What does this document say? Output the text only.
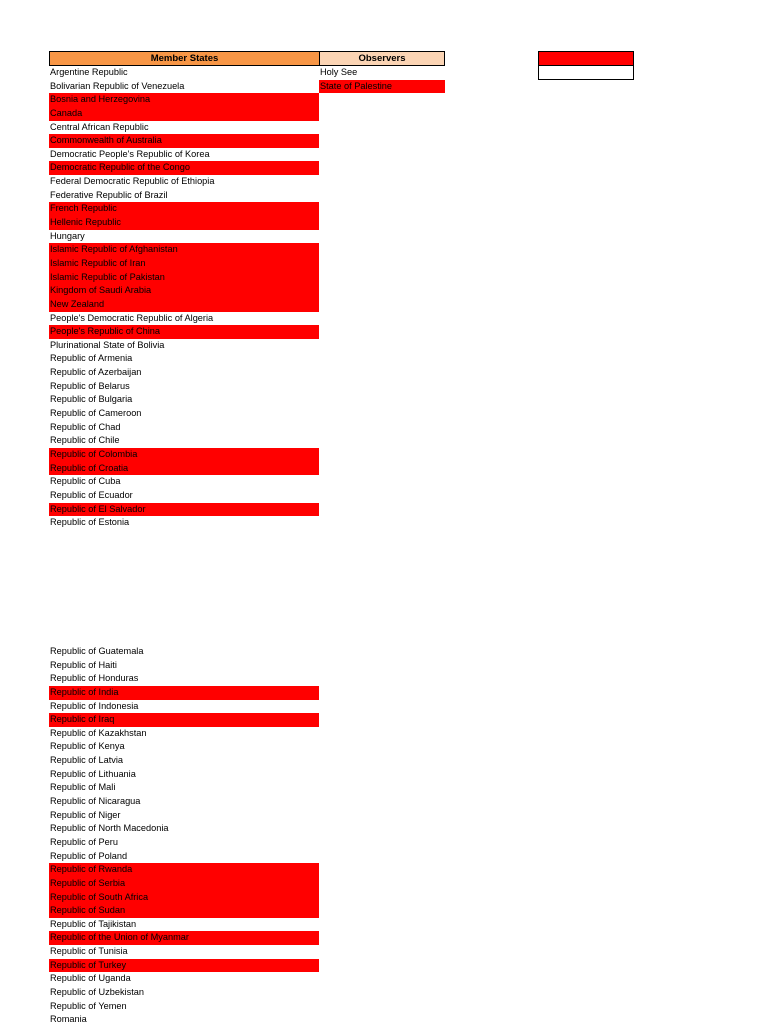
Member States	Observers
Argentine Republic
Bolivarian Republic of Venezuela
Bosnia and Herzegovina
Canada
Central African Republic
Commonwealth of Australia
Democratic People's Republic of Korea
Democratic Republic of the Congo
Federal Democratic Republic of Ethiopia
Federative Republic of Brazil
French Republic
Hellenic Republic
Hungary
Islamic Republic of Afghanistan
Islamic Republic of Iran
Islamic Republic of Pakistan
Kingdom of Saudi Arabia
New Zealand
People's Democratic Republic of Algeria
People's Republic of China
Plurinational State of Bolivia
Republic of Armenia
Republic of Azerbaijan
Republic of Belarus
Republic of Bulgaria
Republic of Cameroon
Republic of Chad
Republic of Chile
Republic of Colombia
Republic of Croatia
Republic of Cuba
Republic of Ecuador
Republic of El Salvador
Republic of Estonia
Republic of Guatemala
Republic of Haiti
Republic of Honduras
Republic of India
Republic of Indonesia
Republic of Iraq
Republic of Kazakhstan
Republic of Kenya
Republic of Latvia
Republic of Lithuania
Republic of Mali
Republic of Nicaragua
Republic of Niger
Republic of North Macedonia
Republic of Peru
Republic of Poland
Republic of Rwanda
Republic of Serbia
Republic of South Africa
Republic of Sudan
Republic of Tajikistan
Republic of the Union of Myanmar
Republic of Tunisia
Republic of Turkey
Republic of Uganda
Republic of Uzbekistan
Republic of Yemen
Romania
Holy See
State of Palestine
